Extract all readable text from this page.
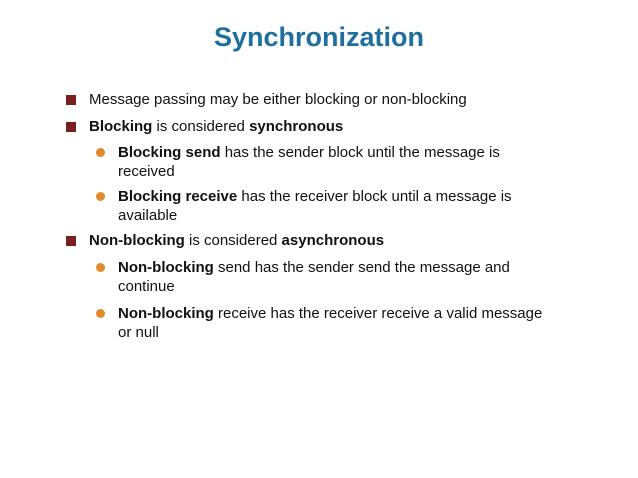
Synchronization
Message passing may be either blocking or non-blocking
Blocking is considered synchronous
Blocking send has the sender block until the message is
received
Blocking receive has the receiver block until a message is
available
Non-blocking is considered asynchronous
Non-blocking send has the sender send the message and
continue
Non-blocking receive has the receiver receive a valid message
or null
